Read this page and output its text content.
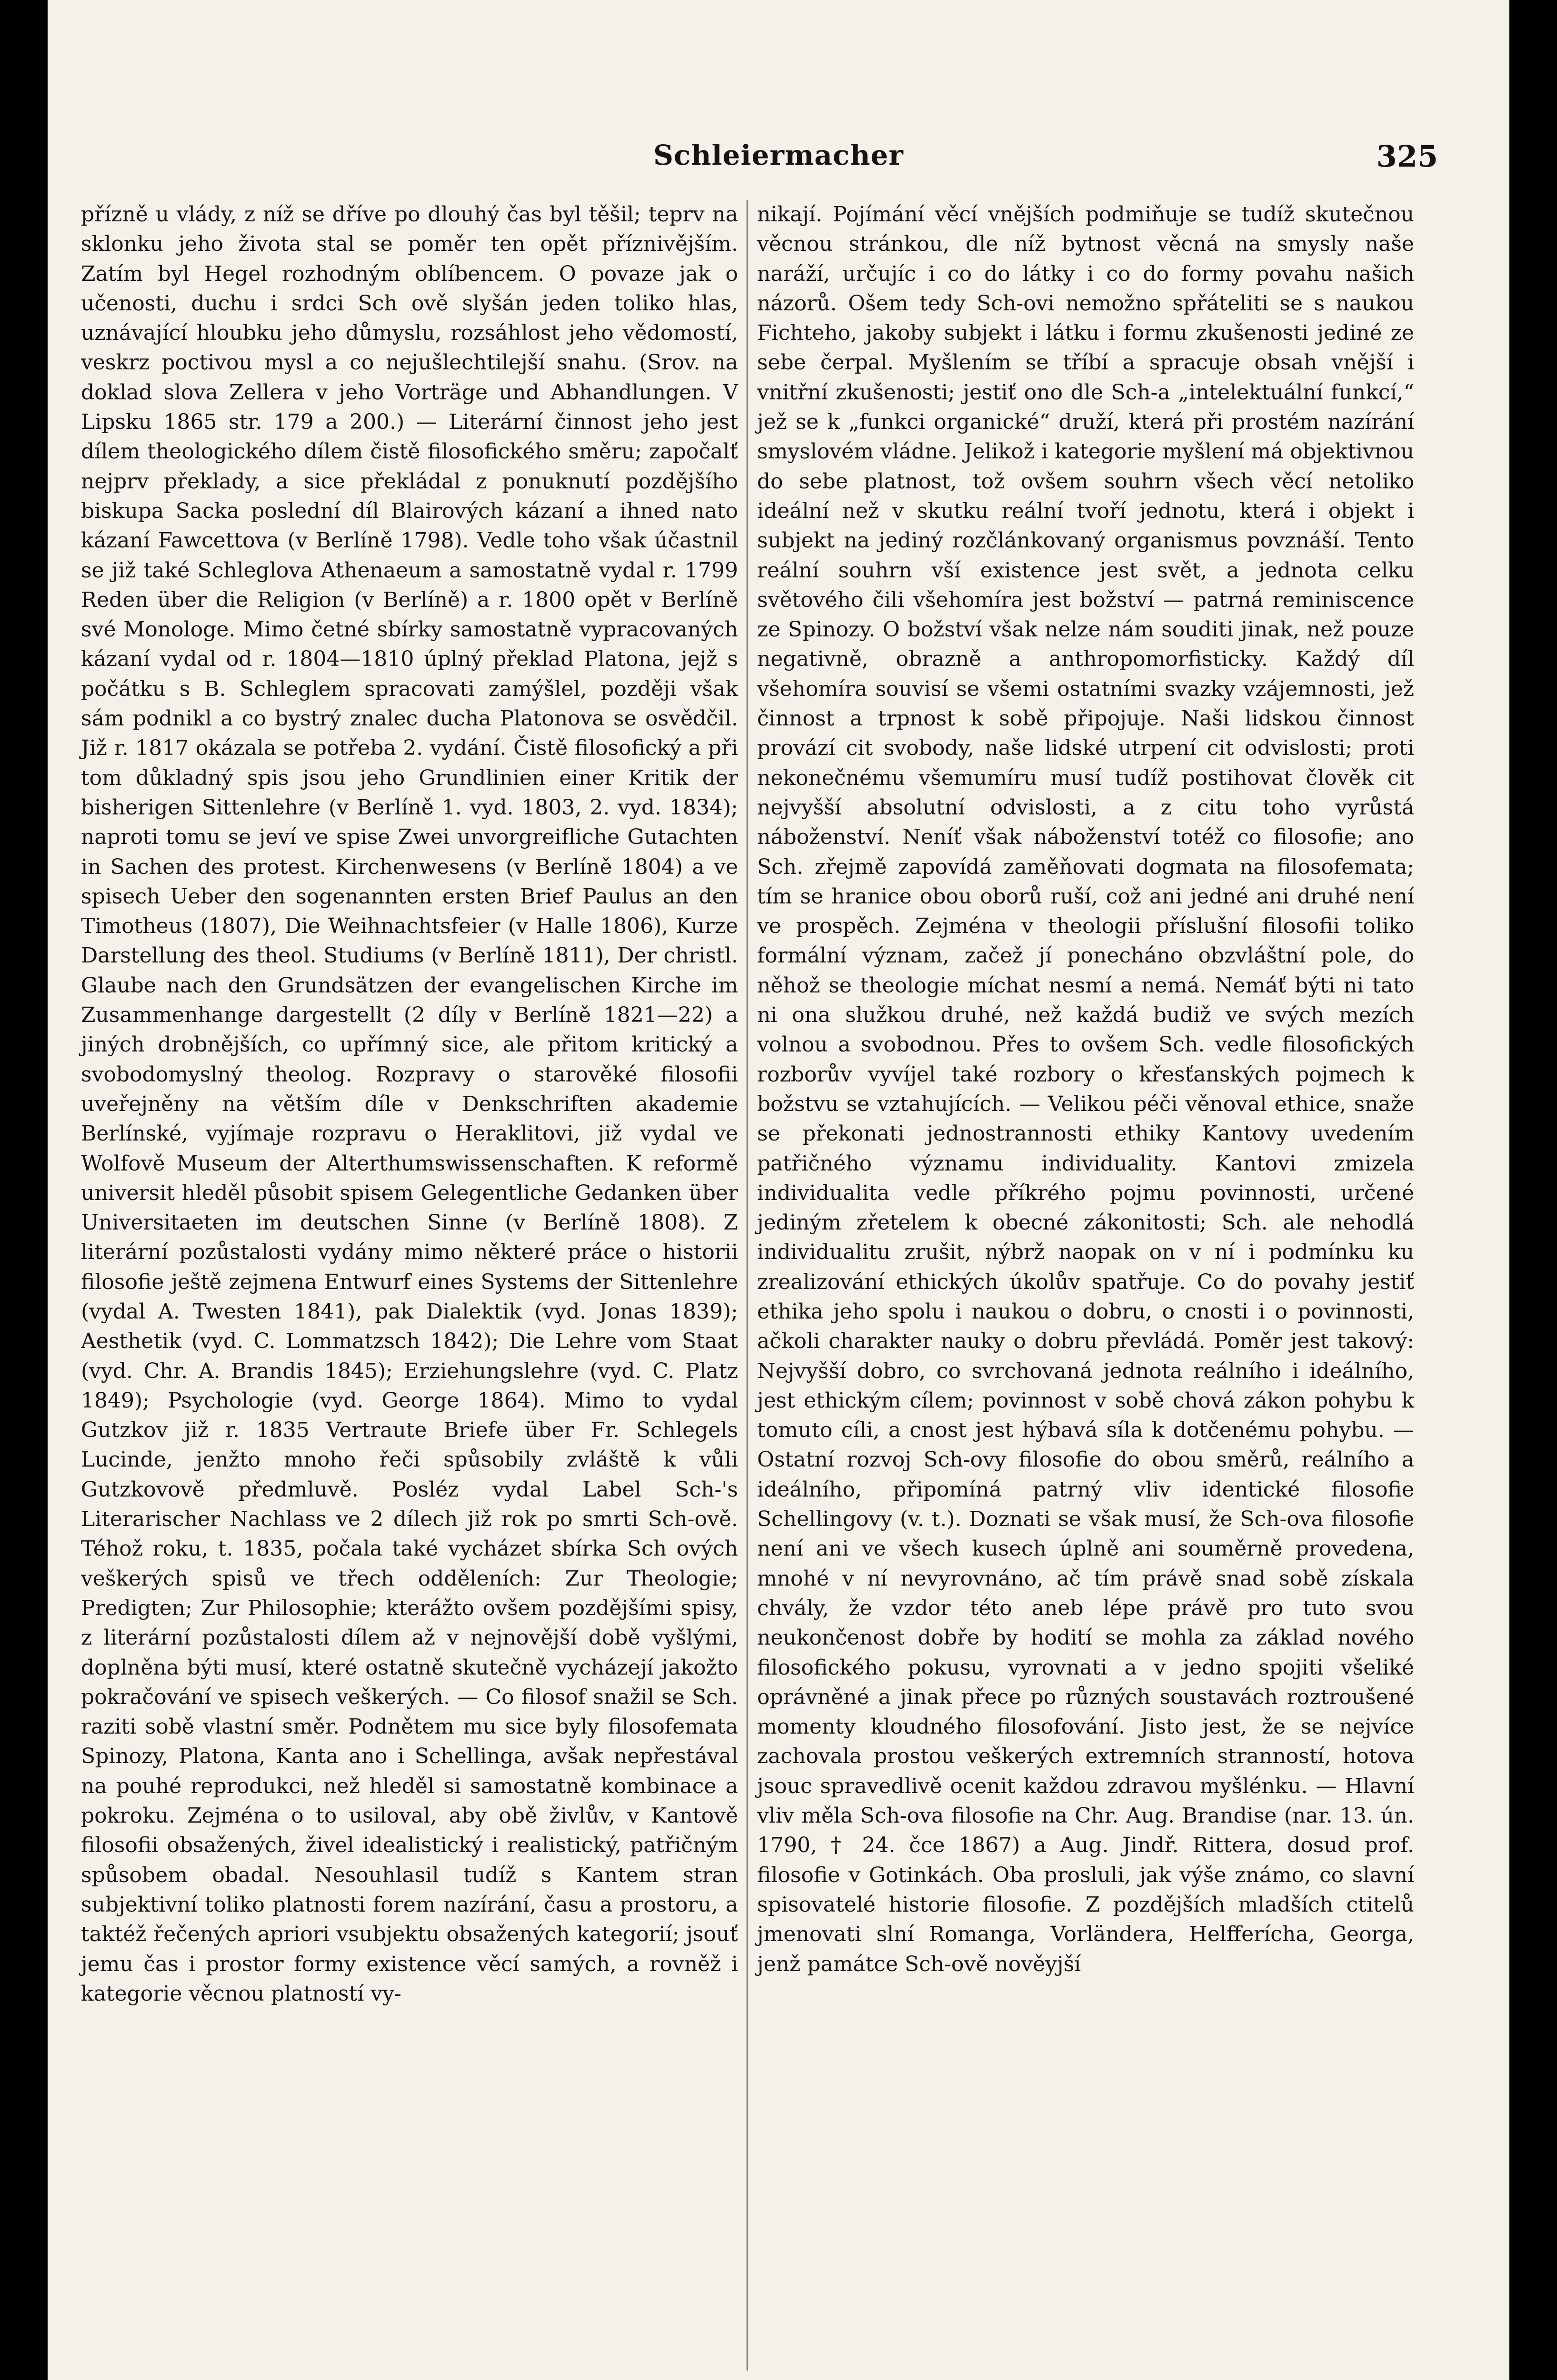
Schleiermacher	325

přízně u vlády, z níž se dříve po dlouhý čas byl těšil; teprv na sklonku jeho života stal se poměr ten opět příznivějším. Zatím byl Hegel rozhodným oblíbencem. O povaze jak o učenosti, duchu i srdci Sch ově slyšán jeden toliko hlas, uznávající hloubku jeho důmyslu, rozsáhlost jeho vědomostí, veskrz poctivou mysl a co nejušlechtilejší snahu. (Srov. na doklad slova Zellera v jeho Vorträge und Abhandlungen. V Lipsku 1865 str. 179 a 200.) — Literární činnost jeho jest dílem theologického dílem čistě filosofického směru; započalť nejprv překlady, a sice překládal z ponuknutí pozdějšího biskupa Sacka poslední díl Blairových kázaní a ihned nato kázaní Fawcettova (v Berlíně 1798). Vedle toho však účastnil se již také Schleglova Athenaeum a samostatně vydal r. 1799 Reden über die Religion (v Berlíně) a r. 1800 opět v Berlíně své Monologe. Mimo četné sbírky samostatně vypracovaných kázaní vydal od r. 1804—1810 úplný překlad Platona, jejž s počátku s B. Schleglem spracovati zamýšlel, později však sám podnikl a co bystrý znalec ducha Platonova se osvědčil. Již r. 1817 okázala se potřeba 2. vydání. Čistě filosofický a při tom důkladný spis jsou jeho Grundlinien einer Kritik der bisherigen Sittenlehre (v Berlíně 1. vyd. 1803, 2. vyd. 1834); naproti tomu se jeví ve spise Zwei unvorgreifliche Gutachten in Sachen des protest. Kirchenwesens (v Berlíně 1804) a ve spisech Ueber den sogenannten ersten Brief Paulus an den Timotheus (1807), Die Weihnachtsfeier (v Halle 1806), Kurze Darstellung des theol. Studiums (v Berlíně 1811), Der christl. Glaube nach den Grundsätzen der evangelischen Kirche im Zusammenhange dargestellt (2 díly v Berlíně 1821—22) a jiných drobnějších, co upřímný sice, ale přitom kritický a svobodomyslný theolog. Rozpravy o starověké filosofii uveřejněny na větším díle v Denkschriften akademie Berlínské, vyjímaje rozpravu o Heraklitovi, již vydal ve Wolfově Museum der Alterthumswissenschaften. K reformě universit hleděl působit spisem Gelegentliche Gedanken über Universitaeten im deutschen Sinne (v Berlíně 1808). Z literární pozůstalosti vydány mimo některé práce o historii filosofie ještě zejmena Entwurf eines Systems der Sittenlehre (vydal A. Twesten 1841), pak Dialektik (vyd. Jonas 1839); Aesthetik (vyd. C. Lommatzsch 1842); Die Lehre vom Staat (vyd. Chr. A. Brandis 1845); Erziehungslehre (vyd. C. Platz 1849); Psychologie (vyd. George 1864). Mimo to vydal Gutzkov již r. 1835 Vertraute Briefe über Fr. Schlegels Lucinde, jenžto mnoho řeči spůsobily zvláště k vůli Gutzkovově předmluvě. Posléz vydal Label Sch-'s Literarischer Nachlass ve 2 dílech již rok po smrti Sch-ově. Téhož roku, t. 1835, počala také vycházet sbírka Sch ových veškerých spisů ve třech odděleních: Zur Theologie; Predigten; Zur Philosophie; kterážto ovšem pozdějšími spisy, z literární pozůstalosti dílem až v nejnovější době vyšlými, doplněna býti musí, které ostatně skutečně vycházejí jakožto pokračování ve spisech veškerých. — Co filosof snažil se Sch. raziti sobě vlastní směr. Podnětem mu sice byly filosofemata Spinozy, Platona, Kanta ano i Schellinga, avšak nepřestával na pouhé reprodukci, než hleděl si samostatně kombinace a pokroku. Zejména o to usiloval, aby obě živlův, v Kantově filosofii obsažených, živel idealistický i realistický, patřičným spůsobem obadal. Nesouhlasil tudíž s Kantem stran subjektivní toliko platnosti forem nazírání, času a prostoru, a taktéž řečených apriori vsubjektu obsažených kategorií; jsouť jemu čas i prostor formy existence věcí samých, a rovněž i kategorie věcnou platností vy-

nikají. Pojímání věcí vnějších podmiňuje se tudíž skutečnou věcnou stránkou, dle níž bytnost věcná na smysly naše naráží, určujíc i co do látky i co do formy povahu našich názorů. Ošem tedy Sch-ovi nemožno spřáteliti se s naukou Fichteho, jakoby subjekt i látku i formu zkušenosti jediné ze sebe čerpal. Myšlením se tříbí a spracuje obsah vnější i vnitřní zkušenosti; jestiť ono dle Sch-a „intelektuální funkcí,“ jež se k „funkci organické“ druží, která při prostém nazírání smyslovém vládne. Jelikož i kategorie myšlení má objektivnou do sebe platnost, tož ovšem souhrn všech věcí netoliko ideální než v skutku reální tvoří jednotu, která i objekt i subjekt na jediný rozčlánkovaný organismus povznáší. Tento reální souhrn vší existence jest svět, a jednota celku světového čili všehomíra jest božství — patrná reminiscence ze Spinozy. O božství však nelze nám souditi jinak, než pouze negativně, obrazně a anthropomorfisticky. Každý díl všehomíra souvisí se všemi ostatními svazky vzájemnosti, jež činnost a trpnost k sobě připojuje. Naši lidskou činnost provází cit svobody, naše lidské utrpení cit odvislosti; proti nekonečnému všemumíru musí tudíž postihovat člověk cit nejvyšší absolutní odvislosti, a z citu toho vyrůstá náboženství. Neníť však náboženství totéž co filosofie; ano Sch. zřejmě zapovídá zaměňovati dogmata na filosofemata; tím se hranice obou oborů ruší, což ani jedné ani druhé není ve prospěch. Zejména v theologii příslušní filosofii toliko formální význam, začež jí ponecháno obzvláštní pole, do něhož se theologie míchat nesmí a nemá. Nemáť býti ni tato ni ona služkou druhé, než každá budiž ve svých mezích volnou a svobodnou. Přes to ovšem Sch. vedle filosofických rozborův vyvíjel také rozbory o křesťanských pojmech k božstvu se vztahujících. — Velikou péči věnoval ethice, snaže se překonati jednostrannosti ethiky Kantovy uvedením patřičného významu individuality. Kantovi zmizela individualita vedle příkrého pojmu povinnosti, určené jediným zřetelem k obecné zákonitosti; Sch. ale nehodlá individualitu zrušit, nýbrž naopak on v ní i podmínku ku zrealizování ethických úkolův spatřuje. Co do povahy jestiť ethika jeho spolu i naukou o dobru, o cnosti i o povinnosti, ačkoli charakter nauky o dobru převládá. Poměr jest takový: Nejvyšší dobro, co svrchovaná jednota reálního i ideálního, jest ethickým cílem; povinnost v sobě chová zákon pohybu k tomuto cíli, a cnost jest hýbavá síla k dotčenému pohybu. — Ostatní rozvoj Sch-ovy filosofie do obou směrů, reálního a ideálního, připomíná patrný vliv identické filosofie Schellingovy (v. t.). Doznati se však musí, že Sch-ova filosofie není ani ve všech kusech úplně ani souměrně provedena, mnohé v ní nevyrovnáno, ač tím právě snad sobě získala chvály, že vzdor této aneb lépe právě pro tuto svou neukončenost dobře by hodití se mohla za základ nového filosofického pokusu, vyrovnati a v jedno spojiti všeliké oprávněné a jinak přece po různých soustavách roztroušené momenty kloudného filosofování. Jisto jest, že se nejvíce zachovala prostou veškerých extremních stranností, hotova jsouc spravedlivě ocenit každou zdravou myšlénku. — Hlavní vliv měla Sch-ova filosofie na Chr. Aug. Brandise (nar. 13. ún. 1790, † 24. čce 1867) a Aug. Jindř. Rittera, dosud prof. filosofie v Gotinkách. Oba prosluli, jak výše známo, co slavní spisovatelé historie filosofie. Z pozdějších mladších ctitelů jmenovati slní Romanga, Vorländera, Helfferícha, Georga, jenž památce Sch-ově nověyjší
